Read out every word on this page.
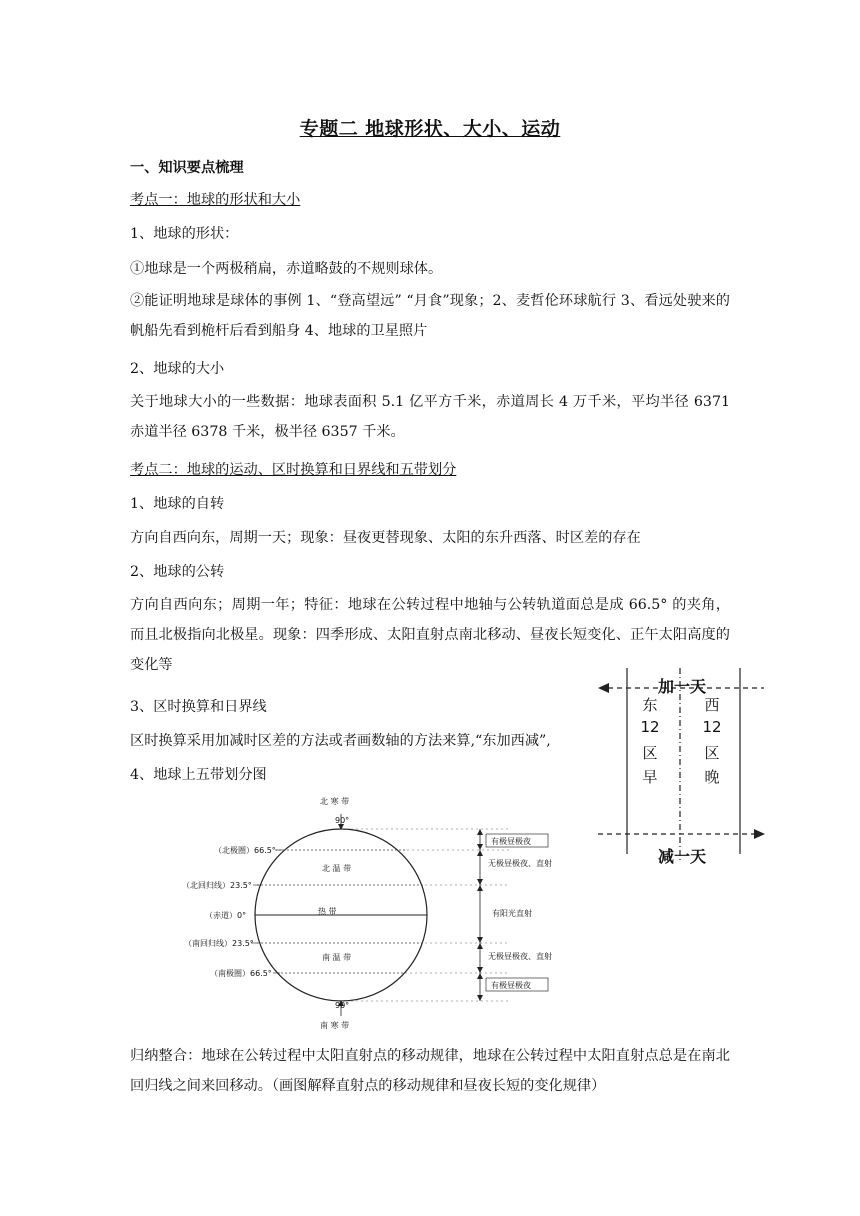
专题二 地球形状、大小、运动
一、知识要点梳理
考点一：地球的形状和大小
1、地球的形状：
①地球是一个两极稍扁，赤道略鼓的不规则球体。
②能证明地球是球体的事例 1、“登高望远” “月食”现象；2、麦哲伦环球航行 3、看远处驶来的帆船先看到桅杆后看到船身 4、地球的卫星照片
2、地球的大小
关于地球大小的一些数据：地球表面积 5.1 亿平方千米，赤道周长 4 万千米，平均半径 6371 赤道半径 6378 千米，极半径 6357 千米。
考点二：地球的运动、区时换算和日界线和五带划分
1、地球的自转
方向自西向东，周期一天；现象：昼夜更替现象、太阳的东升西落、时区差的存在
2、地球的公转
方向自西向东；周期一年；特征：地球在公转过程中地轴与公转轨道面总是成 66.5° 的夹角，而且北极指向北极星。现象：四季形成、太阳直射点南北移动、昼夜长短变化、正午太阳高度的变化等
3、区时换算和日界线
区时换算采用加减时区差的方法或者画数轴的方法来算,“东加西减”,
4、地球上五带划分图
加一天
减一天
东
12
区
早
西
12
区
晚
北 寒 带
90°
北 温 带
热 带
南 温 带
90°
南 寒 带
（北极圈）66.5°
（北回归线）23.5°
（赤道）0°
（南回归线）23.5°
（南极圈）66.5°
有极昼极夜
无极昼极夜、直射
有阳光直射
无极昼极夜、直射
有极昼极夜
归纳整合：地球在公转过程中太阳直射点的移动规律，地球在公转过程中太阳直射点总是在南北回归线之间来回移动。（画图解释直射点的移动规律和昼夜长短的变化规律）
